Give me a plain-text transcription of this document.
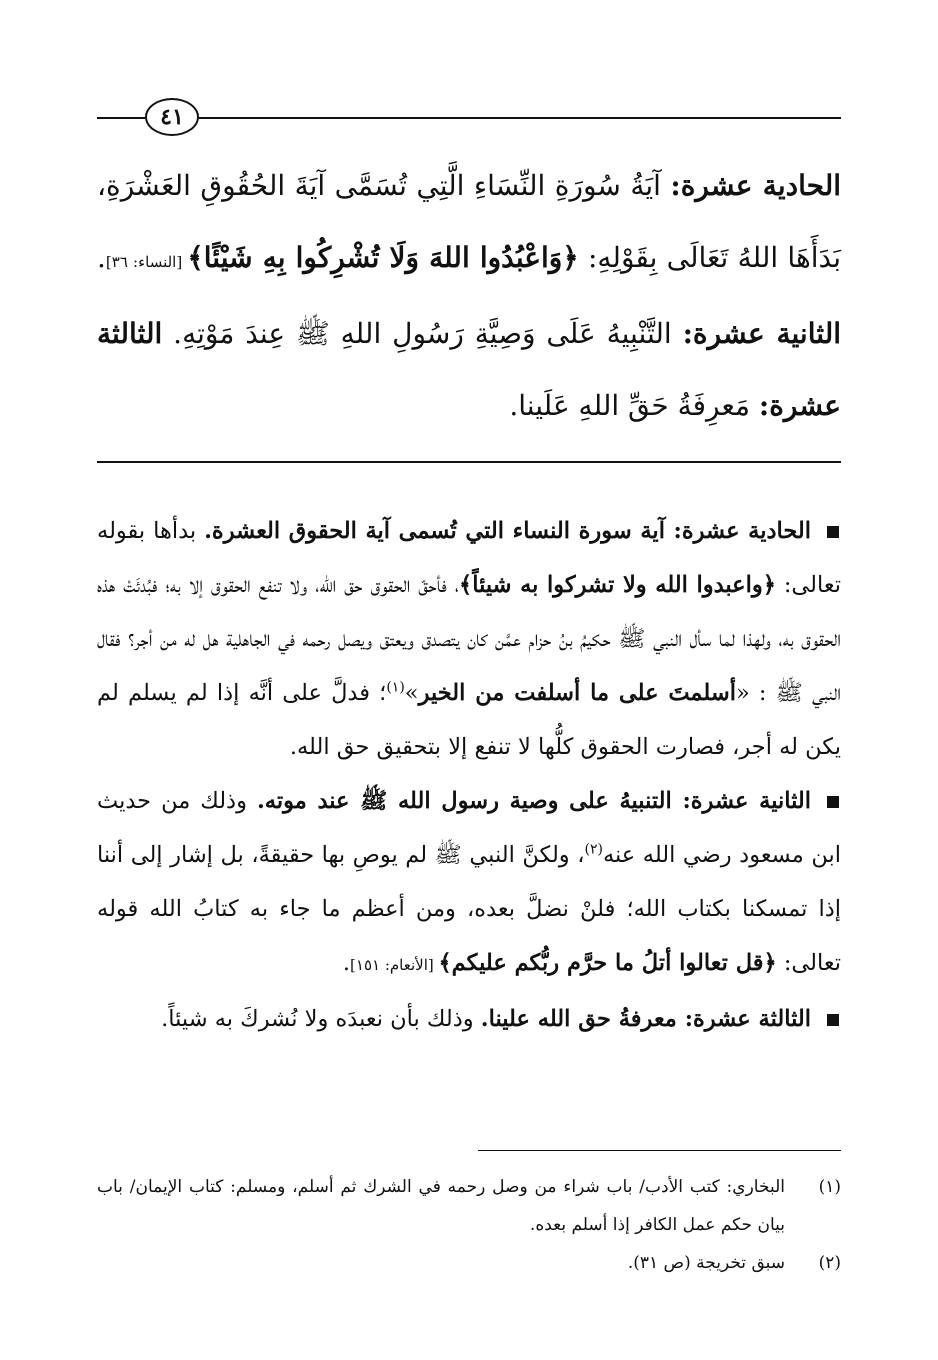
٤١
الحادية عشرة: آيَةُ سُورَةِ النِّسَاءِ الَّتِي تُسَمَّى آيَةَ الحُقُوقِ العَشْرَةِ، بَدَأَهَا اللهُ تَعَالَى بِقَوْلِهِ: ﴿وَاعْبُدُوا اللهَ وَلَا تُشْرِكُوا بِهِ شَيْئًا﴾ [النساء: ٣٦]. الثانية عشرة: التَّنْبِيهُ عَلَى وَصِيَّةِ رَسُولِ اللهِ ﷺ عِندَ مَوْتِهِ. الثالثة عشرة: مَعرِفَةُ حَقِّ اللهِ عَلَينا.

الحادية عشرة: آية سورة النساء التي تُسمى آية الحقوق العشرة. بدأها بقوله تعالى: ﴿واعبدوا الله ولا تشركوا به شيئاً﴾، فأحقّ الحقوق حق الله، ولا تنفع الحقوق إلا به؛ فبُدئَتْ هذه الحقوق به، ولهذا لما سأل النبي ﷺ حكيمُ بنُ حزام عمَّن كان يتصدق ويعتق ويصل رحمه في الجاهلية هل له من أجر؟ فقال النبي ﷺ : «أسلمتَ على ما أسلفت من الخير»$^{(١)}$؛ فدلَّ على أنَّه إذا لم يسلم لم يكن له أجر، فصارت الحقوق كلُّها لا تنفع إلا بتحقيق حق الله.

الثانية عشرة: التنبيهُ على وصية رسول الله ﷺ عند موته. وذلك من حديث ابن مسعود رضي الله عنه$^{(٢)}$، ولكنَّ النبي ﷺ لم يوصِ بها حقيقةً، بل إشار إلى أننا إذا تمسكنا بكتاب الله؛ فلنْ نضلَّ بعده، ومن أعظم ما جاء به كتابُ الله قوله تعالى: ﴿قل تعالوا أتلُ ما حرَّم ربُّكم عليكم﴾ [الأنعام: ١٥١].

الثالثة عشرة: معرفةُ حق الله علينا. وذلك بأن نعبدَه ولا نُشركَ به شيئاً.

(١)
البخاري: كتب الأدب/ باب شراء من وصل رحمه في الشرك ثم أسلم، ومسلم: كتاب الإيمان/ باب بيان حكم عمل الكافر إذا أسلم بعده.
(٢)
سبق تخريجة (ص ٣١).
